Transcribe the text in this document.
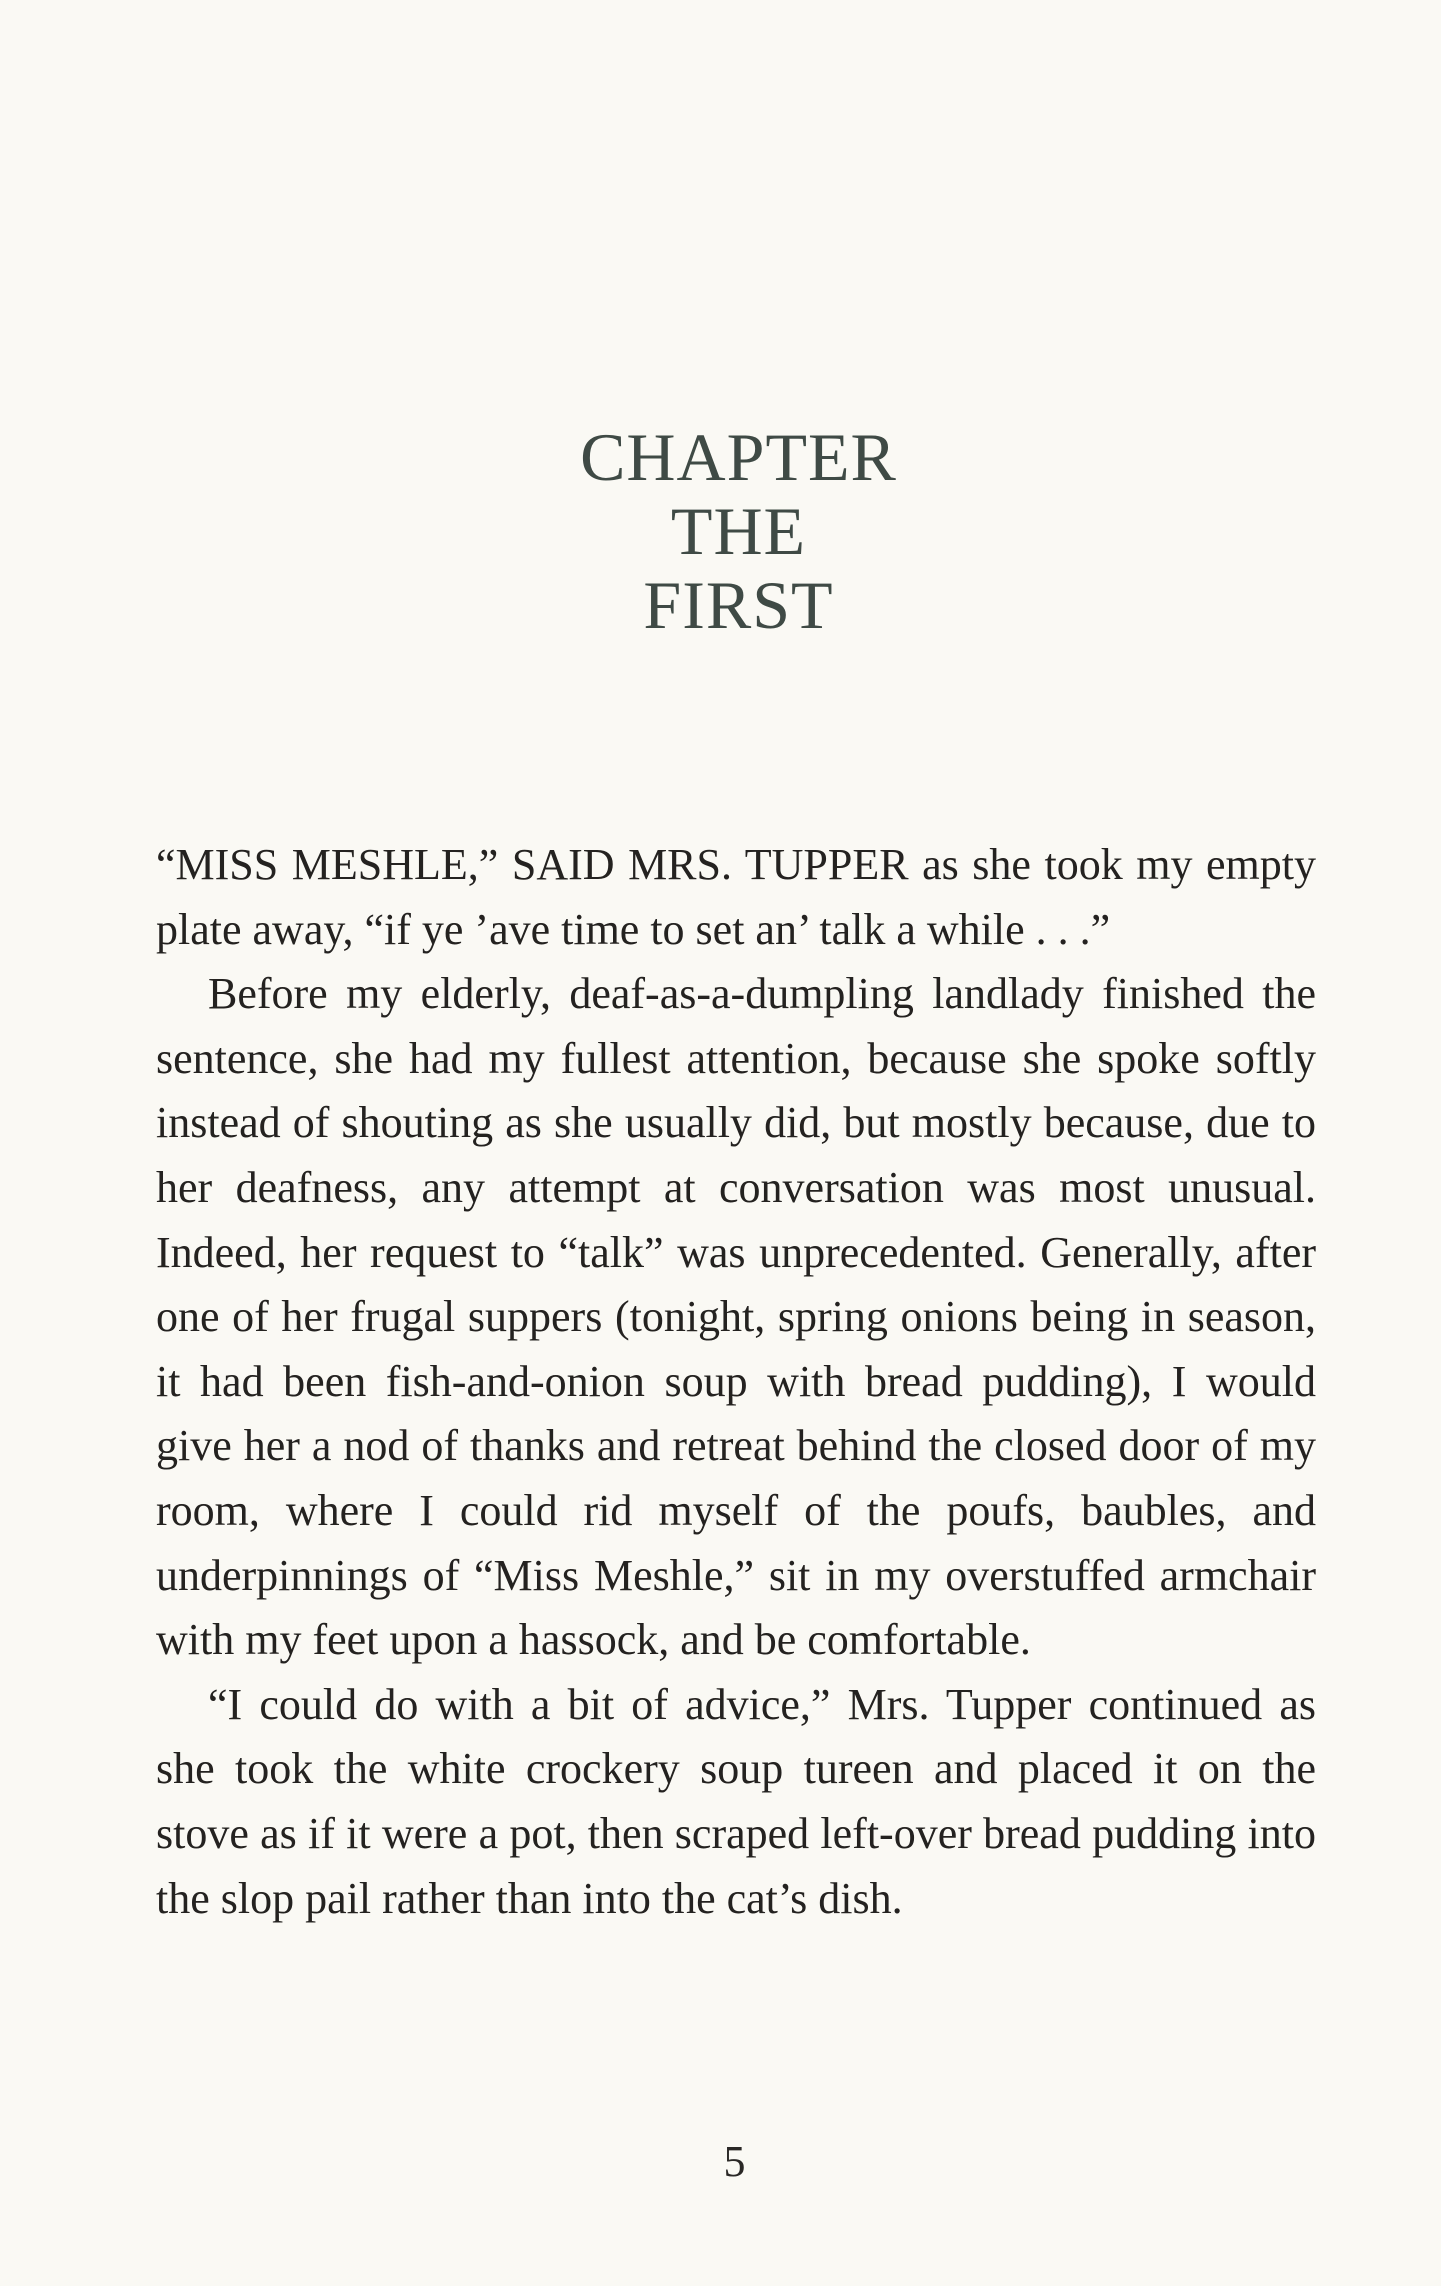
CHAPTER
THE
FIRST

“MISS MESHLE,” SAID MRS. TUPPER as she took my empty plate away, “if ye ’ave time to set an’ talk a while . . .”

Before my elderly, deaf-as-a-dumpling landlady finished the sentence, she had my fullest attention, because she spoke softly instead of shouting as she usually did, but mostly because, due to her deafness, any attempt at conversation was most unusual. Indeed, her request to “talk” was unprecedented. Generally, after one of her frugal suppers (tonight, spring onions being in season, it had been fish-and-onion soup with bread pudding), I would give her a nod of thanks and retreat behind the closed door of my room, where I could rid myself of the poufs, baubles, and underpinnings of “Miss Meshle,” sit in my overstuffed armchair with my feet upon a hassock, and be comfortable.

“I could do with a bit of advice,” Mrs. Tupper continued as she took the white crockery soup tureen and placed it on the stove as if it were a pot, then scraped left-over bread pudding into the slop pail rather than into the cat’s dish.

5
